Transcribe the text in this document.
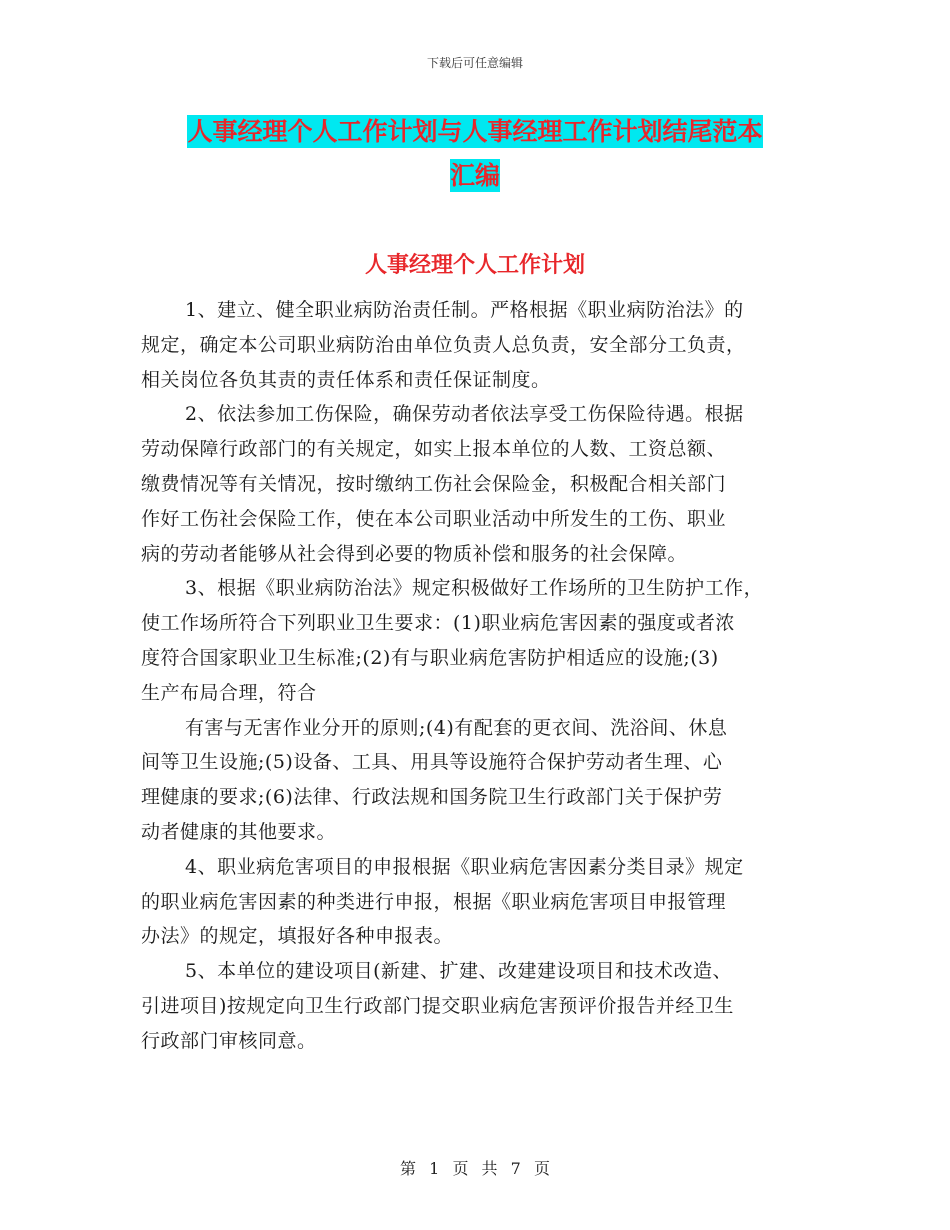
下载后可任意编辑
人事经理个人工作计划与人事经理工作计划结尾范本
汇编
人事经理个人工作计划
1、建立、健全职业病防治责任制。严格根据《职业病防治法》的
规定，确定本公司职业病防治由单位负责人总负责，安全部分工负责，
相关岗位各负其责的责任体系和责任保证制度。
2、依法参加工伤保险，确保劳动者依法享受工伤保险待遇。根据
劳动保障行政部门的有关规定，如实上报本单位的人数、工资总额、
缴费情况等有关情况，按时缴纳工伤社会保险金，积极配合相关部门
作好工伤社会保险工作，使在本公司职业活动中所发生的工伤、职业
病的劳动者能够从社会得到必要的物质补偿和服务的社会保障。
3、根据《职业病防治法》规定积极做好工作场所的卫生防护工作，
使工作场所符合下列职业卫生要求：(1)职业病危害因素的强度或者浓
度符合国家职业卫生标准;(2)有与职业病危害防护相适应的设施;(3)
生产布局合理，符合
有害与无害作业分开的原则;(4)有配套的更衣间、洗浴间、休息
间等卫生设施;(5)设备、工具、用具等设施符合保护劳动者生理、心
理健康的要求;(6)法律、行政法规和国务院卫生行政部门关于保护劳
动者健康的其他要求。
4、职业病危害项目的申报根据《职业病危害因素分类目录》规定
的职业病危害因素的种类进行申报，根据《职业病危害项目申报管理
办法》的规定，填报好各种申报表。
5、本单位的建设项目(新建、扩建、改建建设项目和技术改造、
引进项目)按规定向卫生行政部门提交职业病危害预评价报告并经卫生
行政部门审核同意。
第 1 页 共 7 页
